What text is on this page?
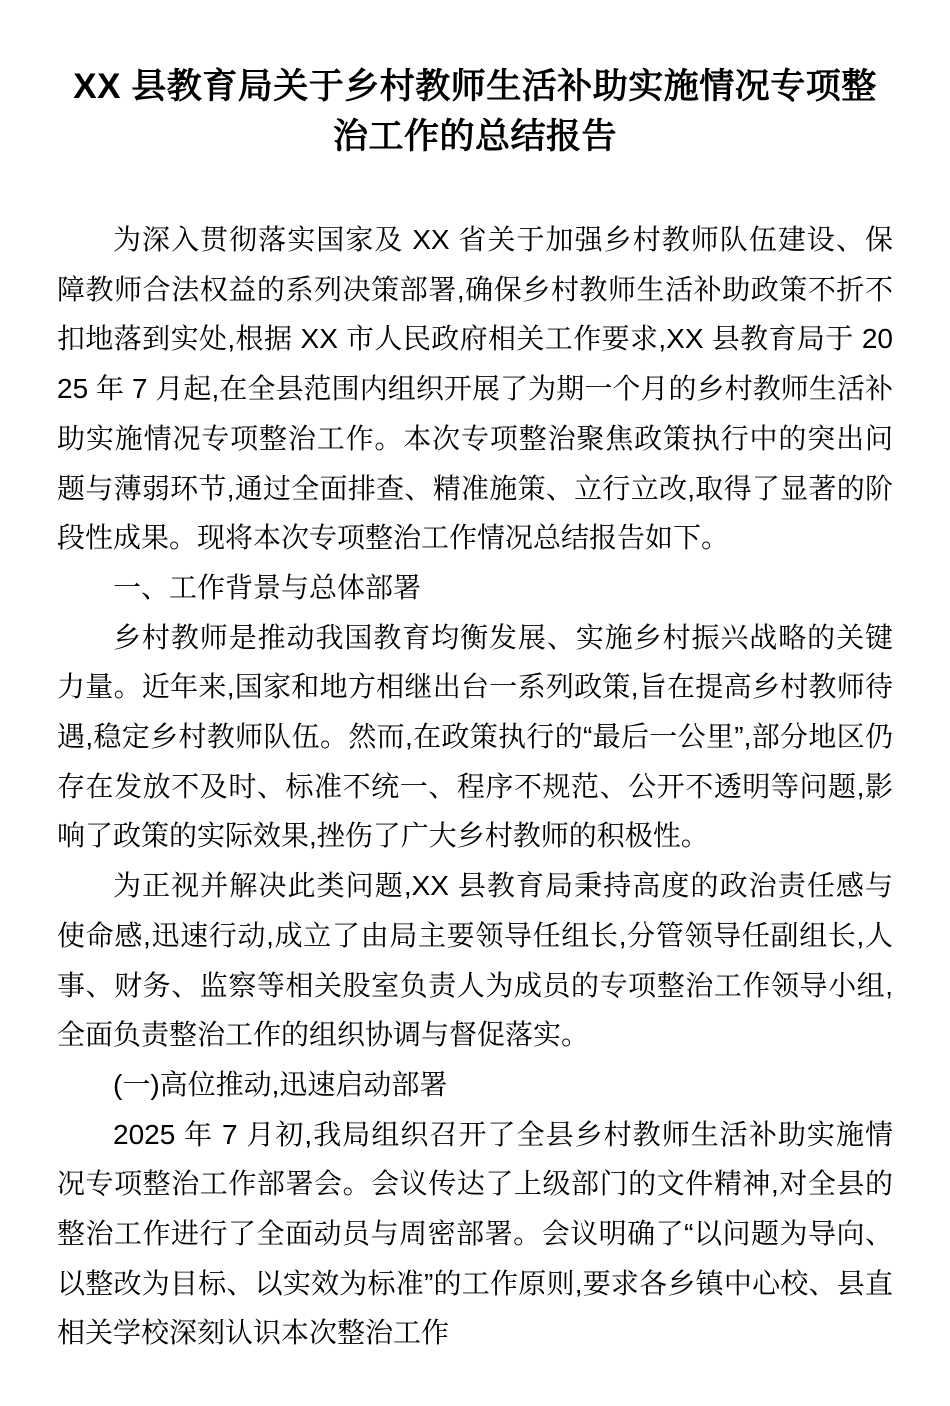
XX 县教育局关于乡村教师生活补助实施情况专项整治工作的总结报告

为深入贯彻落实国家及 XX 省关于加强乡村教师队伍建设、保障教师合法权益的系列决策部署,确保乡村教师生活补助政策不折不扣地落到实处,根据 XX 市人民政府相关工作要求,XX 县教育局于 2025 年 7 月起,在全县范围内组织开展了为期一个月的乡村教师生活补助实施情况专项整治工作。本次专项整治聚焦政策执行中的突出问题与薄弱环节,通过全面排查、精准施策、立行立改,取得了显著的阶段性成果。现将本次专项整治工作情况总结报告如下。

一、工作背景与总体部署

乡村教师是推动我国教育均衡发展、实施乡村振兴战略的关键力量。近年来,国家和地方相继出台一系列政策,旨在提高乡村教师待遇,稳定乡村教师队伍。然而,在政策执行的“最后一公里”,部分地区仍存在发放不及时、标准不统一、程序不规范、公开不透明等问题,影响了政策的实际效果,挫伤了广大乡村教师的积极性。

为正视并解决此类问题,XX 县教育局秉持高度的政治责任感与使命感,迅速行动,成立了由局主要领导任组长,分管领导任副组长,人事、财务、监察等相关股室负责人为成员的专项整治工作领导小组,全面负责整治工作的组织协调与督促落实。

(一)高位推动,迅速启动部署

2025 年 7 月初,我局组织召开了全县乡村教师生活补助实施情况专项整治工作部署会。会议传达了上级部门的文件精神,对全县的整治工作进行了全面动员与周密部署。会议明确了“以问题为导向、以整改为目标、以实效为标准”的工作原则,要求各乡镇中心校、县直相关学校深刻认识本次整治工作
